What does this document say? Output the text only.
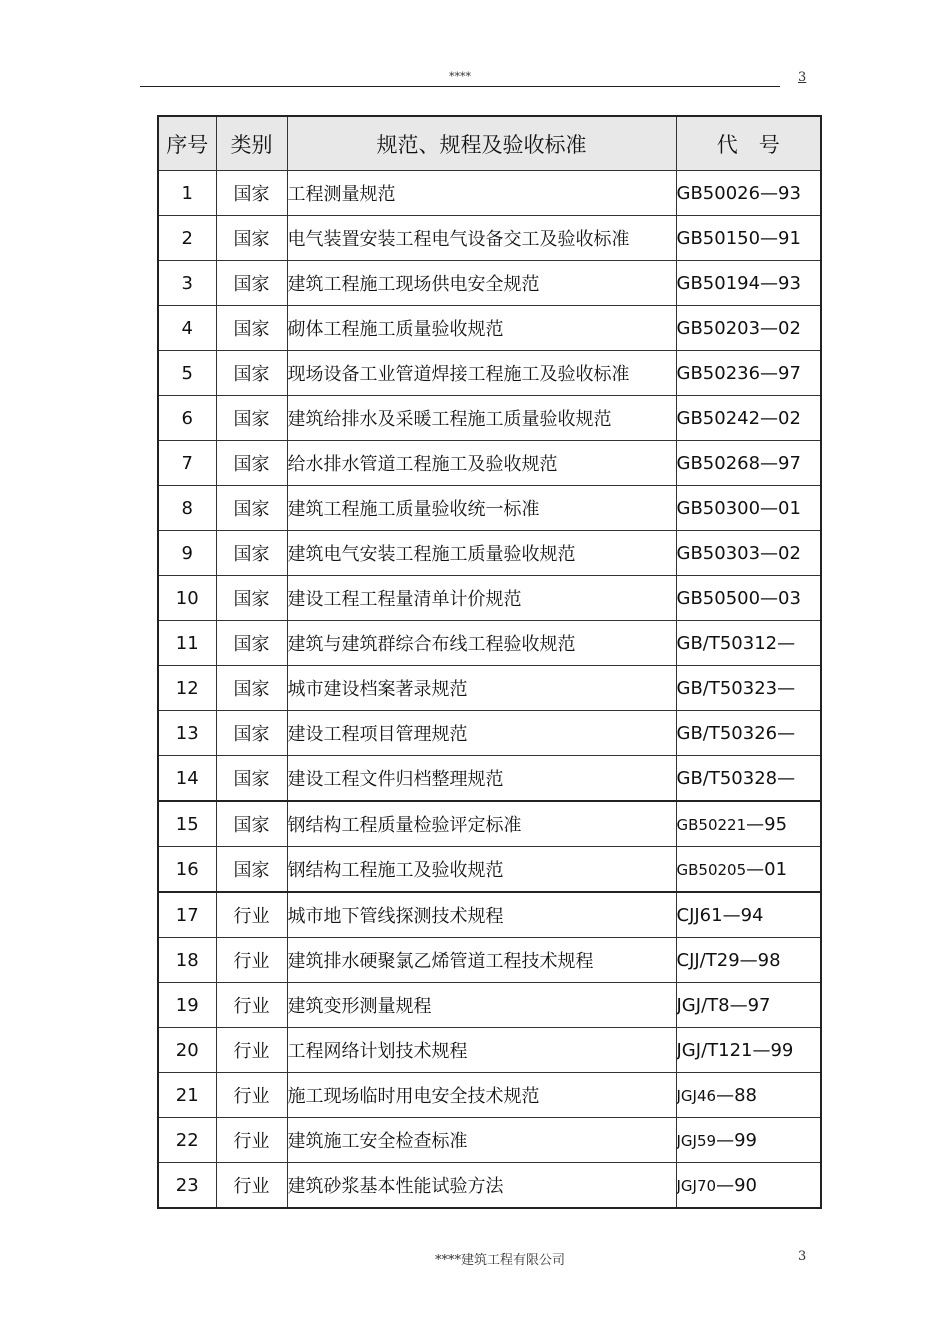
****	3
序号	类别	规范、规程及验收标准	代　号
1	国家	工程测量规范	GB50026—93
2	国家	电气装置安装工程电气设备交工及验收标准	GB50150—91
3	国家	建筑工程施工现场供电安全规范	GB50194—93
4	国家	砌体工程施工质量验收规范	GB50203—02
5	国家	现场设备工业管道焊接工程施工及验收标准	GB50236—97
6	国家	建筑给排水及采暖工程施工质量验收规范	GB50242—02
7	国家	给水排水管道工程施工及验收规范	GB50268—97
8	国家	建筑工程施工质量验收统一标准	GB50300—01
9	国家	建筑电气安装工程施工质量验收规范	GB50303—02
10	国家	建设工程工程量清单计价规范	GB50500—03
11	国家	建筑与建筑群综合布线工程验收规范	GB/T50312—
12	国家	城市建设档案著录规范	GB/T50323—
13	国家	建设工程项目管理规范	GB/T50326—
14	国家	建设工程文件归档整理规范	GB/T50328—
15	国家	钢结构工程质量检验评定标准	GB50221—95
16	国家	钢结构工程施工及验收规范	GB50205—01
17	行业	城市地下管线探测技术规程	CJJ61—94
18	行业	建筑排水硬聚氯乙烯管道工程技术规程	CJJ/T29—98
19	行业	建筑变形测量规程	JGJ/T8—97
20	行业	工程网络计划技术规程	JGJ/T121—99
21	行业	施工现场临时用电安全技术规范	JGJ46—88
22	行业	建筑施工安全检查标准	JGJ59—99
23	行业	建筑砂浆基本性能试验方法	JGJ70—90
****建筑工程有限公司	3
